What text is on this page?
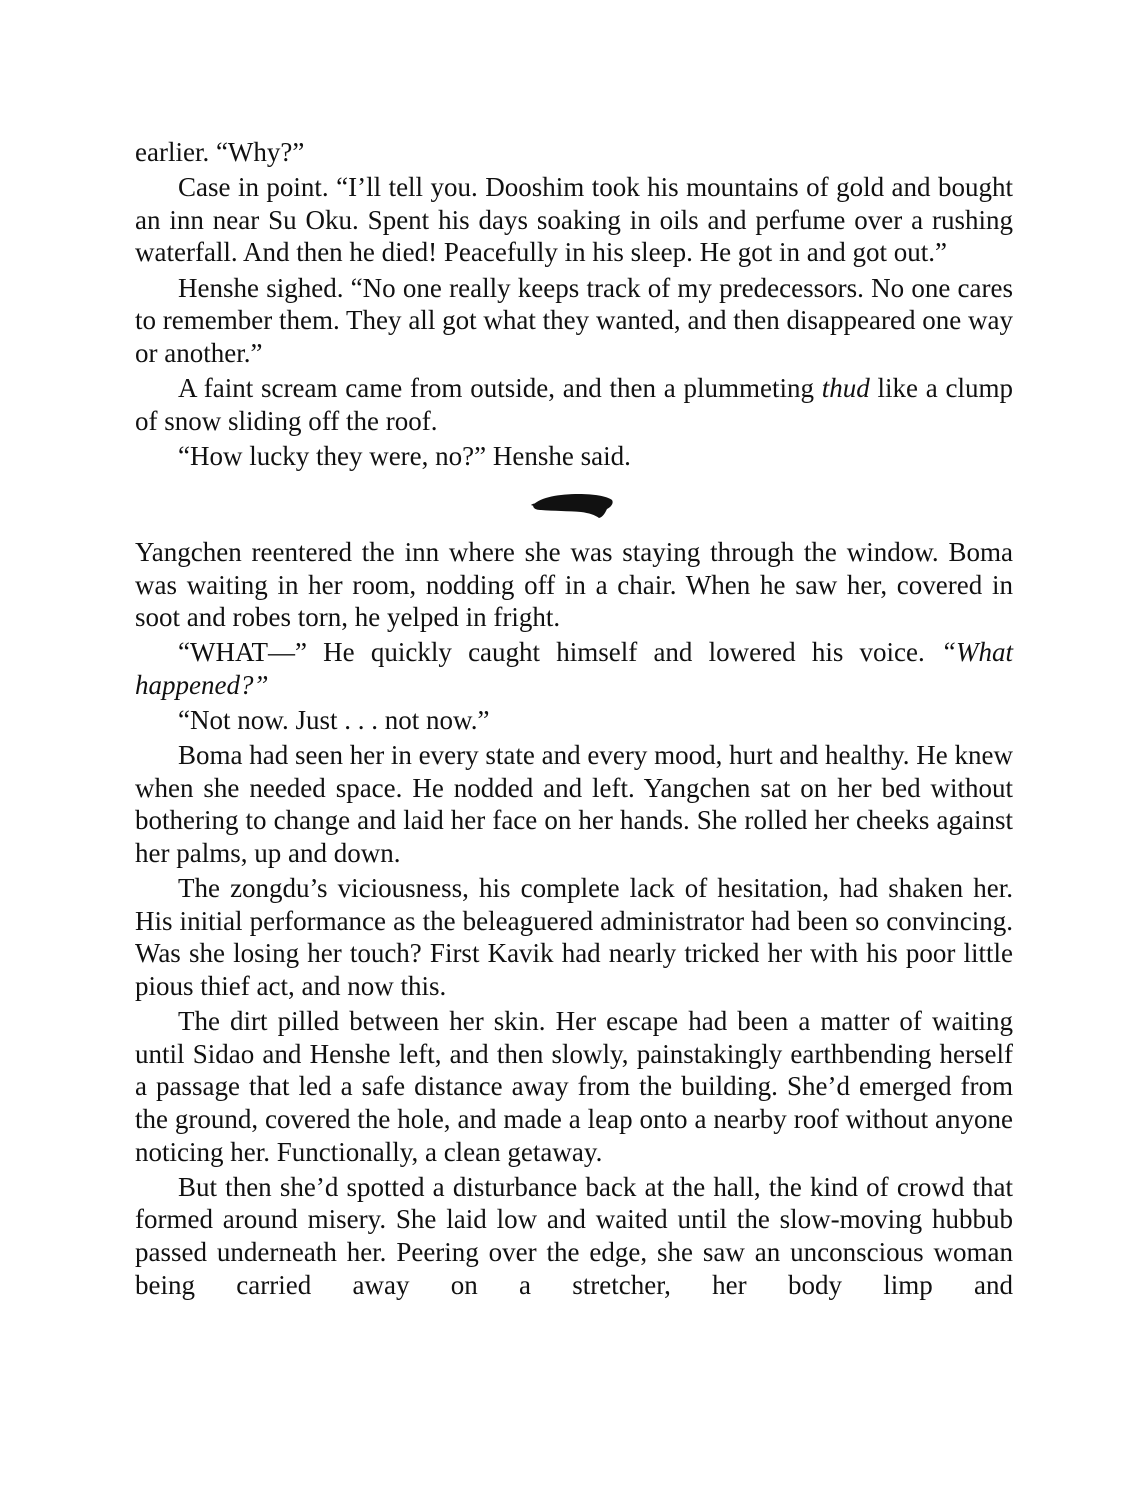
earlier. “Why?”

Case in point. “I’ll tell you. Dooshim took his mountains of gold and bought an inn near Su Oku. Spent his days soaking in oils and perfume over a rushing waterfall. And then he died! Peacefully in his sleep. He got in and got out.”

Henshe sighed. “No one really keeps track of my predecessors. No one cares to remember them. They all got what they wanted, and then disappeared one way or another.”

A faint scream came from outside, and then a plummeting thud like a clump of snow sliding off the roof.

“How lucky they were, no?” Henshe said.

Yangchen reentered the inn where she was staying through the window. Boma was waiting in her room, nodding off in a chair. When he saw her, covered in soot and robes torn, he yelped in fright.

“WHAT—” He quickly caught himself and lowered his voice. “What happened?”

“Not now. Just . . . not now.”

Boma had seen her in every state and every mood, hurt and healthy. He knew when she needed space. He nodded and left. Yangchen sat on her bed without bothering to change and laid her face on her hands. She rolled her cheeks against her palms, up and down.

The zongdu’s viciousness, his complete lack of hesitation, had shaken her. His initial performance as the beleaguered administrator had been so convincing. Was she losing her touch? First Kavik had nearly tricked her with his poor little pious thief act, and now this.

The dirt pilled between her skin. Her escape had been a matter of waiting until Sidao and Henshe left, and then slowly, painstakingly earthbending herself a passage that led a safe distance away from the building. She’d emerged from the ground, covered the hole, and made a leap onto a nearby roof without anyone noticing her. Functionally, a clean getaway.

But then she’d spotted a disturbance back at the hall, the kind of crowd that formed around misery. She laid low and waited until the slow-moving hubbub passed underneath her. Peering over the edge, she saw an unconscious woman being carried away on a stretcher, her body limp and
